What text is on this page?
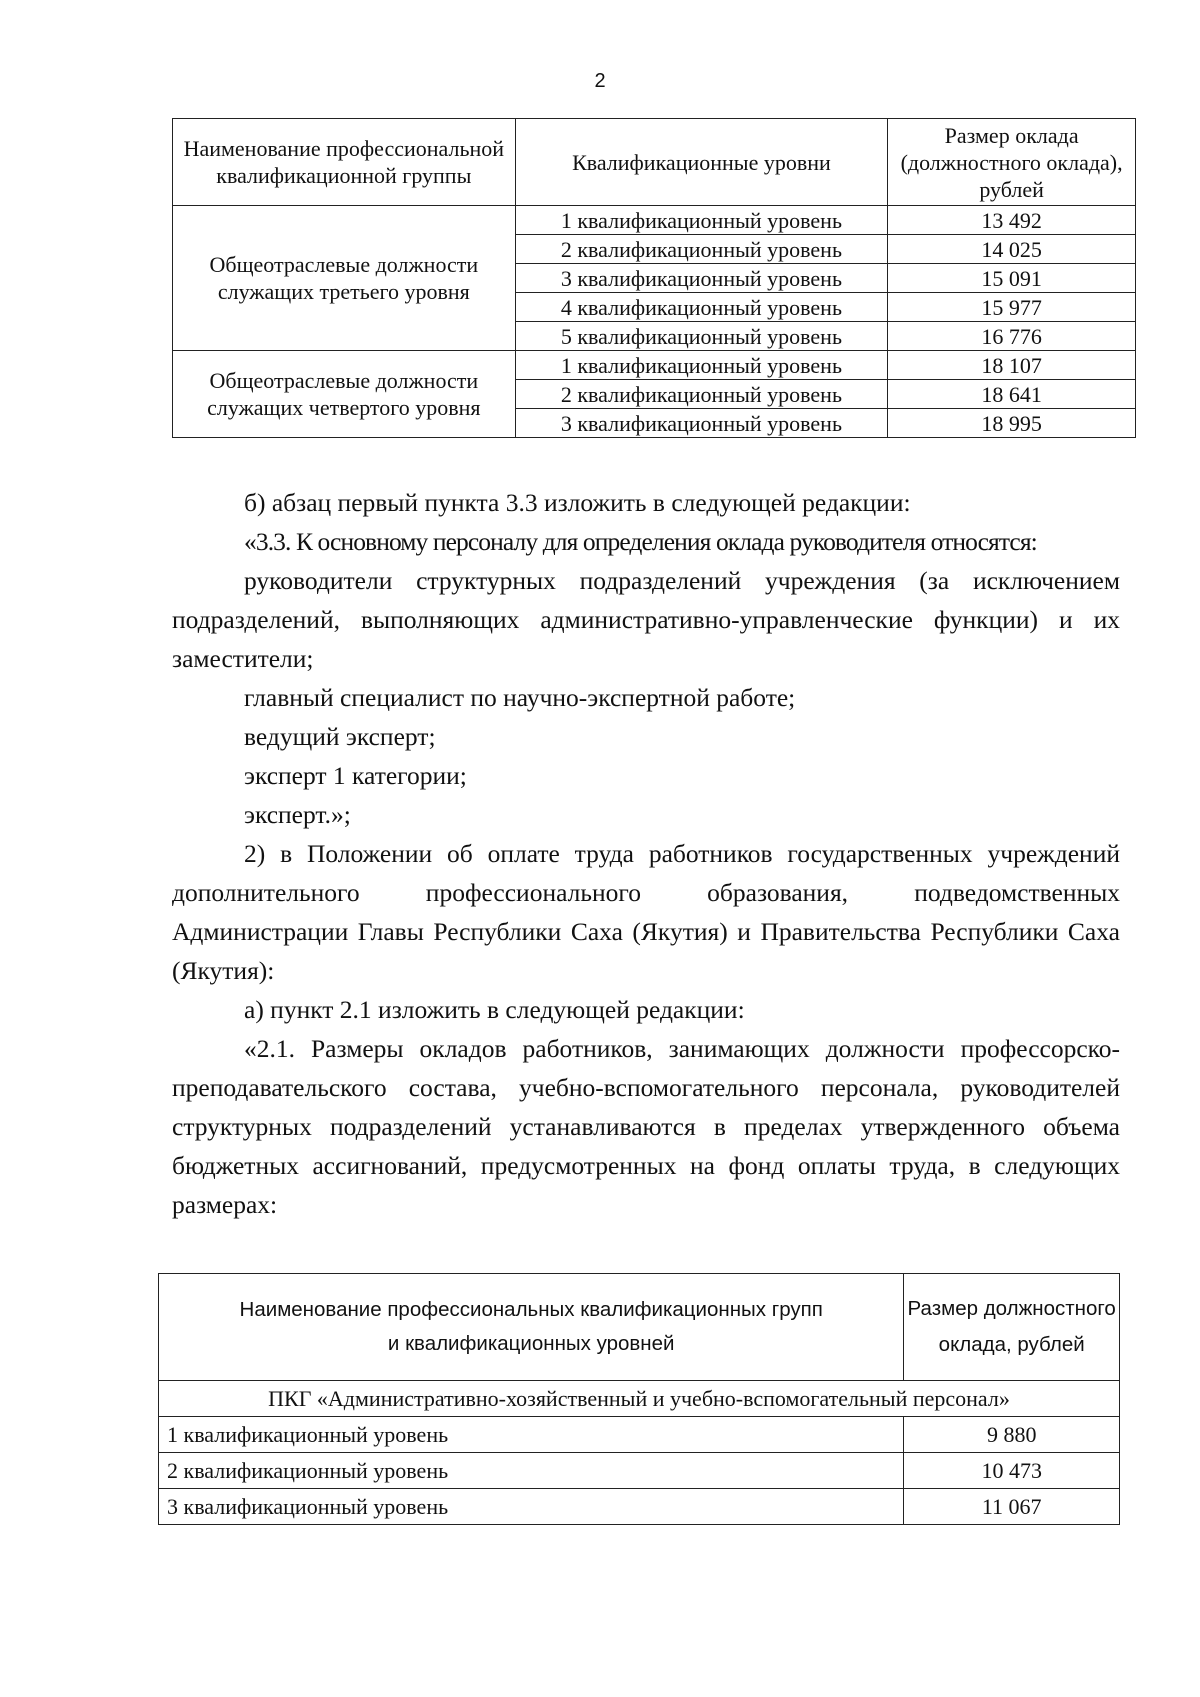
2
Наименование профессиональной квалификационной группы	Квалификационные уровни	Размер оклада (должностного оклада), рублей
Общеотраслевые должности служащих третьего уровня	1 квалификационный уровень	13 492
	2 квалификационный уровень	14 025
	3 квалификационный уровень	15 091
	4 квалификационный уровень	15 977
	5 квалификационный уровень	16 776
Общеотраслевые должности служащих четвертого уровня	1 квалификационный уровень	18 107
	2 квалификационный уровень	18 641
	3 квалификационный уровень	18 995

б) абзац первый пункта 3.3 изложить в следующей редакции:

«3.3. К основному персоналу для определения оклада руководителя относятся:

руководители структурных подразделений учреждения (за исключением подразделений, выполняющих административно-управленческие функции) и их заместители;

главный специалист по научно-экспертной работе;

ведущий эксперт;

эксперт 1 категории;

эксперт.»;

2) в Положении об оплате труда работников государственных учреждений дополнительного профессионального образования, подведомственных Администрации Главы Республики Саха (Якутия) и Правительства Республики Саха (Якутия):

а) пункт 2.1 изложить в следующей редакции:

«2.1. Размеры окладов работников, занимающих должности профессорско-преподавательского состава, учебно-вспомогательного персонала, руководителей структурных подразделений устанавливаются в пределах утвержденного объема бюджетных ассигнований, предусмотренных на фонд оплаты труда, в следующих размерах:

Наименование профессиональных квалификационных групп
и квалификационных уровней	Размер должностного оклада, рублей
ПКГ «Административно-хозяйственный и учебно-вспомогательный персонал»	
1 квалификационный уровень	9 880
2 квалификационный уровень	10 473
3 квалификационный уровень	11 067
